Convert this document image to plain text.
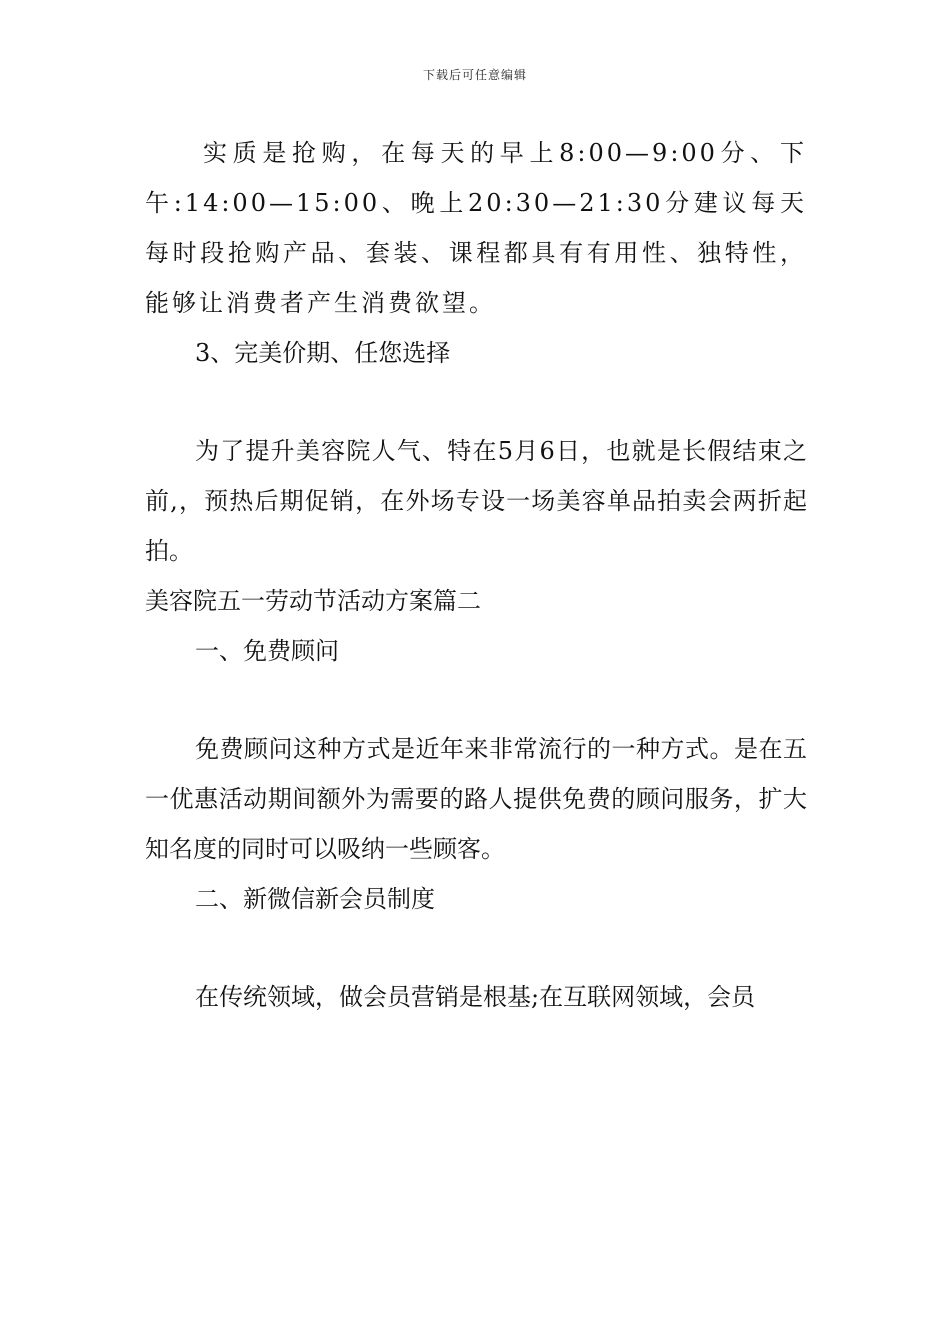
下载后可任意编辑

实质是抢购，在每天的早上8:00—9:00分、下午:14:00—15:00、晚上20:30—21:30分建议每天每时段抢购产品、套装、课程都具有有用性、独特性，能够让消费者产生消费欲望。

3、完美价期、任您选择

为了提升美容院人气、特在5月6日，也就是长假结束之前,，预热后期促销，在外场专设一场美容单品拍卖会两折起拍。

美容院五一劳动节活动方案篇二

一、免费顾问

免费顾问这种方式是近年来非常流行的一种方式。是在五一优惠活动期间额外为需要的路人提供免费的顾问服务，扩大知名度的同时可以吸纳一些顾客。

二、新微信新会员制度

在传统领域，做会员营销是根基;在互联网领域，会员
